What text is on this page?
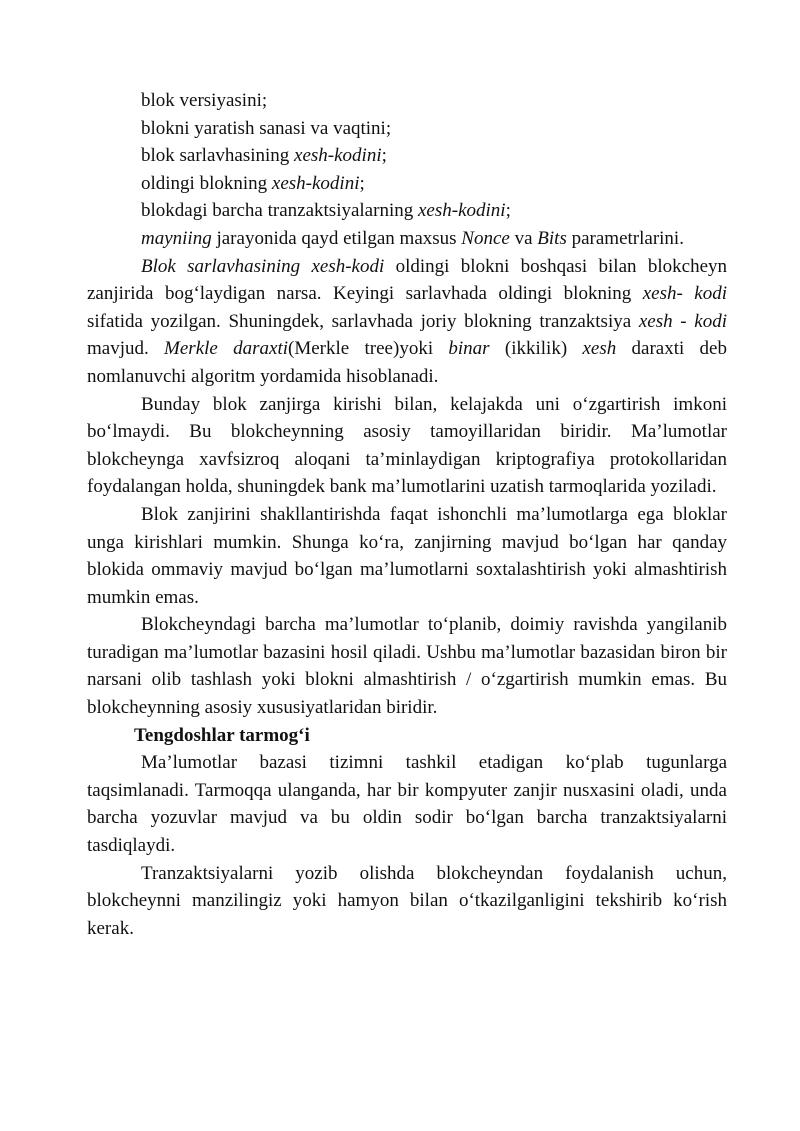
blok versiyasini;
blokni yaratish sanasi va vaqtini;
blok sarlavhasining xesh-kodini;
oldingi blokning xesh-kodini;
blokdagi barcha tranzaktsiyalarning xesh-kodini;

mayniing jarayonida qayd etilgan maxsus Nonce va Bits parametrlarini.

Blok sarlavhasining xesh-kodi oldingi blokni boshqasi bilan blokcheyn zanjirida bog‘laydigan narsa. Keyingi sarlavhada oldingi blokning xesh- kodi sifatida yozilgan. Shuningdek, sarlavhada joriy blokning tranzaktsiya xesh - kodi mavjud. Merkle daraxti(Merkle tree)yoki binar (ikkilik) xesh daraxti deb nomlanuvchi algoritm yordamida hisoblanadi.

Bunday blok zanjirga kirishi bilan, kelajakda uni o‘zgartirish imkoni bo‘lmaydi. Bu blokcheynning asosiy tamoyillaridan biridir. Ma’lumotlar blokcheynga xavfsizroq aloqani ta’minlaydigan kriptografiya protokollaridan foydalangan holda, shuningdek bank ma’lumotlarini uzatish tarmoqlarida yoziladi.

Blok zanjirini shakllantirishda faqat ishonchli ma’lumotlarga ega bloklar unga kirishlari mumkin. Shunga ko‘ra, zanjirning mavjud bo‘lgan har qanday blokida ommaviy mavjud bo‘lgan ma’lumotlarni soxtalashtirish yoki almashtirish mumkin emas.

Blokcheyndagi barcha ma’lumotlar to‘planib, doimiy ravishda yangilanib turadigan ma’lumotlar bazasini hosil qiladi. Ushbu ma’lumotlar bazasidan biron bir narsani olib tashlash yoki blokni almashtirish / o‘zgartirish mumkin emas. Bu blokcheynning asosiy xususiyatlaridan biridir.

Tengdoshlar tarmog‘i

Ma’lumotlar bazasi tizimni tashkil etadigan ko‘plab tugunlarga taqsimlanadi. Tarmoqqa ulanganda, har bir kompyuter zanjir nusxasini oladi, unda barcha yozuvlar mavjud va bu oldin sodir bo‘lgan barcha tranzaktsiyalarni tasdiqlaydi.

Tranzaktsiyalarni yozib olishda blokcheyndan foydalanish uchun, blokcheynni manzilingiz yoki hamyon bilan o‘tkazilganligini tekshirib ko‘rish kerak.
